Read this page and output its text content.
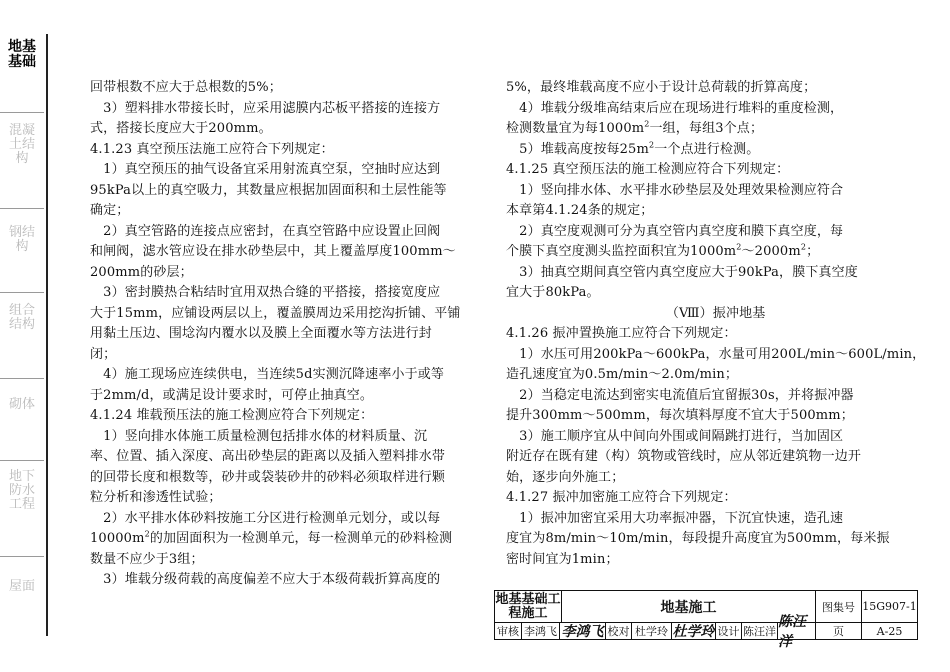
地基基础
混凝土结构
钢结构
组合结构
砌体
地下防水工程
屋面

回带根数不应大于总根数的5%；

　3）塑料排水带接长时，应采用滤膜内芯板平搭接的连接方

式，搭接长度应大于200mm。

4.1.23 真空预压法施工应符合下列规定：

　1）真空预压的抽气设备宜采用射流真空泵，空抽时应达到

95kPa以上的真空吸力，其数量应根据加固面积和土层性能等

确定；

　2）真空管路的连接点应密封，在真空管路中应设置止回阀

和闸阀，滤水管应设在排水砂垫层中，其上覆盖厚度100mm～

200mm的砂层；

　3）密封膜热合粘结时宜用双热合缝的平搭接，搭接宽度应

大于15mm，应铺设两层以上，覆盖膜周边采用挖沟折铺、平铺

用黏土压边、围埝沟内覆水以及膜上全面覆水等方法进行封

闭；

　4）施工现场应连续供电，当连续5d实测沉降速率小于或等

于2mm/d，或满足设计要求时，可停止抽真空。

4.1.24 堆载预压法的施工检测应符合下列规定：

　1）竖向排水体施工质量检测包括排水体的材料质量、沉

率、位置、插入深度、高出砂垫层的距离以及插入塑料排水带

的回带长度和根数等，砂井或袋装砂井的砂料必须取样进行颗

粒分析和渗透性试验；

　2）水平排水体砂料按施工分区进行检测单元划分，或以每

$10000m^2$的加固面积为一检测单元，每一检测单元的砂料检测

数量不应少于3组；

　3）堆载分级荷载的高度偏差不应大于本级荷载折算高度的

5%，最终堆载高度不应小于设计总荷载的折算高度；

　4）堆载分级堆高结束后应在现场进行堆料的重度检测，

检测数量宜为每$1000m^2$一组，每组3个点；

　5）堆载高度按每$25m^2$一个点进行检测。

4.1.25 真空预压法的施工检测应符合下列规定：

　1）竖向排水体、水平排水砂垫层及处理效果检测应符合

本章第4.1.24条的规定；

　2）真空度观测可分为真空管内真空度和膜下真空度，每

个膜下真空度测头监控面积宜为$1000m^2\sim 2000m^2$；

　3）抽真空期间真空管内真空度应大于90kPa，膜下真空度

宜大于80kPa。

（Ⅷ）振冲地基

4.1.26 振冲置换施工应符合下列规定：

　1）水压可用200kPa～600kPa，水量可用200L/min～600L/min，

造孔速度宜为0.5m/min～2.0m/min；

　2）当稳定电流达到密实电流值后宜留振30s，并将振冲器

提升300mm～500mm，每次填料厚度不宜大于500mm；

　3）施工顺序宜从中间向外围或间隔跳打进行，当加固区

附近存在既有建（构）筑物或管线时，应从邻近建筑物一边开

始，逐步向外施工；

4.1.27 振冲加密施工应符合下列规定：

　1）振冲加密宜采用大功率振冲器，下沉宜快速，造孔速

度宜为8m/min～10m/min，每段提升高度宜为500mm，每米振

密时间宜为1min；

地基基础工程施工	地基施工	图集号 15G907-1
审核 李鸿飞 李鸿飞 校对 杜学玲 杜学玲 设计 陈汪洋
陈汪洋
页	A-25
